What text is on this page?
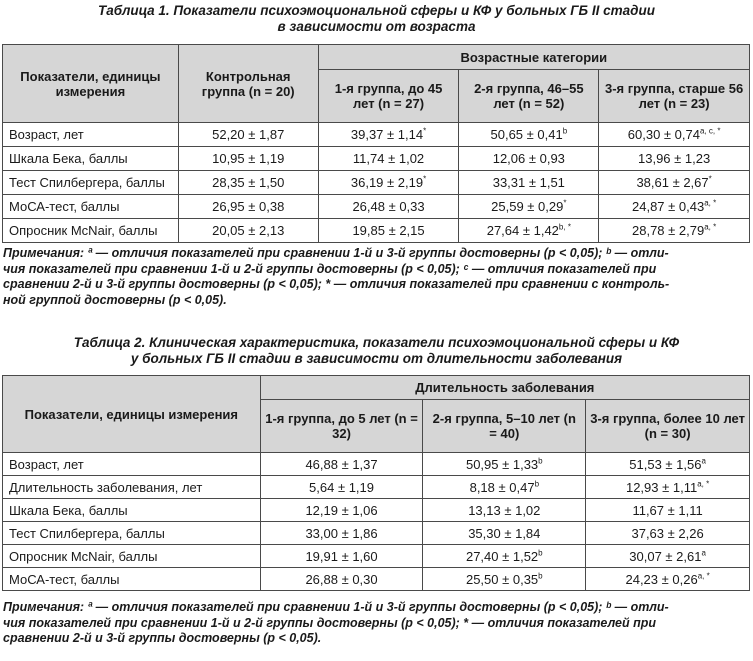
Таблица 1. Показатели психоэмоциональной сферы и КФ у больных ГБ II стадии
в зависимости от возраста
Показатели, единицы измерения	Контрольная группа (n = 20)	Возрастные категории		
		1-я группа, до 45 лет (n = 27)	2-я группа, 46–55 лет (n = 52)	3-я группа, старше 56 лет (n = 23)
Возраст, лет	52,20 ± 1,87	39,37 ± 1,14*	50,65 ± 0,41$^b$	$60,30 \pm 0,74^{a, c, *}$
Шкала Бека, баллы	10,95 ± 1,19	11,74 ± 1,02	12,06 ± 0,93	13,96 ± 1,23
Тест Спилбергера, баллы	28,35 ± 1,50	36,19 ± 2,19*	33,31 ± 1,51	38,61 ± 2,67*
МоСА-тест, баллы	26,95 ± 0,38	26,48 ± 0,33	25,59 ± 0,29*	$24,87 \pm 0,43^{a, *}$
Опросник McNair, баллы	20,05 ± 2,13	19,85 ± 2,15	$27,64 \pm 1,42^{b, *}$	$28,78 \pm 2,79^{a, *}$
Примечания: ª — отличия показателей при сравнении 1-й и 3-й группы достоверны (р < 0,05); ᵇ — отли-
чия показателей при сравнении 1-й и 2-й группы достоверны (р < 0,05); ᶜ — отличия показателей при
сравнении 2-й и 3-й группы достоверны (р < 0,05); * — отличия показателей при сравнении с контроль-
ной группой достоверны (р < 0,05).
Таблица 2. Клиническая характеристика, показатели психоэмоциональной сферы и КФ
у больных ГБ II стадии в зависимости от длительности заболевания
Показатели, единицы измерения	Длительность заболевания		
	1-я группа, до 5 лет (n = 32)	2-я группа, 5–10 лет (n = 40)	3-я группа, более 10 лет (n = 30)
Возраст, лет	46,88 ± 1,37	50,95 ± 1,33$^b$	51,53 ± 1,56$^a$
Длительность заболевания, лет	5,64 ± 1,19	8,18 ± 0,47$^b$	$12,93 \pm 1,11^{a, *}$
Шкала Бека, баллы	12,19 ± 1,06	13,13 ± 1,02	11,67 ± 1,11
Тест Спилбергера, баллы	33,00 ± 1,86	35,30 ± 1,84	37,63 ± 2,26
Опросник McNair, баллы	19,91 ± 1,60	27,40 ± 1,52$^b$	30,07 ± 2,61$^a$
МоСА-тест, баллы	26,88 ± 0,30	25,50 ± 0,35$^b$	$24,23 \pm 0,26^{a, *}$
Примечания: ª — отличия показателей при сравнении 1-й и 3-й группы достоверны (р < 0,05); ᵇ — отли-
чия показателей при сравнении 1-й и 2-й группы достоверны (р < 0,05); * — отличия показателей при
сравнении 2-й и 3-й группы достоверны (р < 0,05).
